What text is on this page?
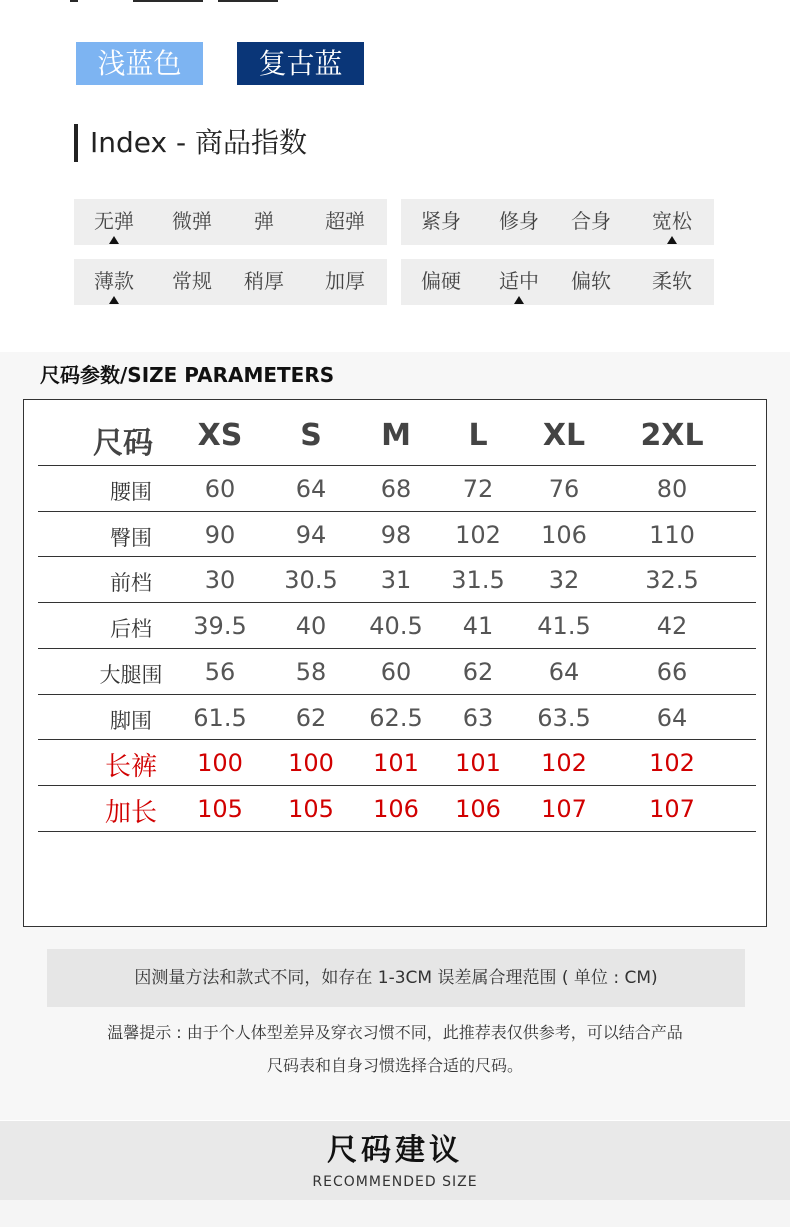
浅蓝色	复古蓝
Index - 商品指数
无弹 微弹 弹	超弹	紧身 修身 合身 宽松
薄款 常规 稍厚 加厚	偏硬 适中 偏软 柔软
尺码参数/SIZE PARAMETERS
尺码 XS S M L XL 2XL
腰围 60	64 68 72 76	80
臀围 90	94 98 102 106	110
前档 30 30.5 31 31.5 32	32.5
后档 39.5 40 40.5 41 41.5	42
大腿围 56	58 60 62 64	66
脚围 61.5 62 62.5 63 63.5	64
长裤 100 100 101 101 102	102
加长 105 105 106 106 107	107
因测量方法和款式不同，如存在 1-3CM 误差属合理范围 ( 单位 : CM)
温馨提示 : 由于个人体型差异及穿衣习惯不同，此推荐表仅供参考，可以结合产品
尺码表和自身习惯选择合适的尺码。
尺码建议
RECOMMENDED SIZE
